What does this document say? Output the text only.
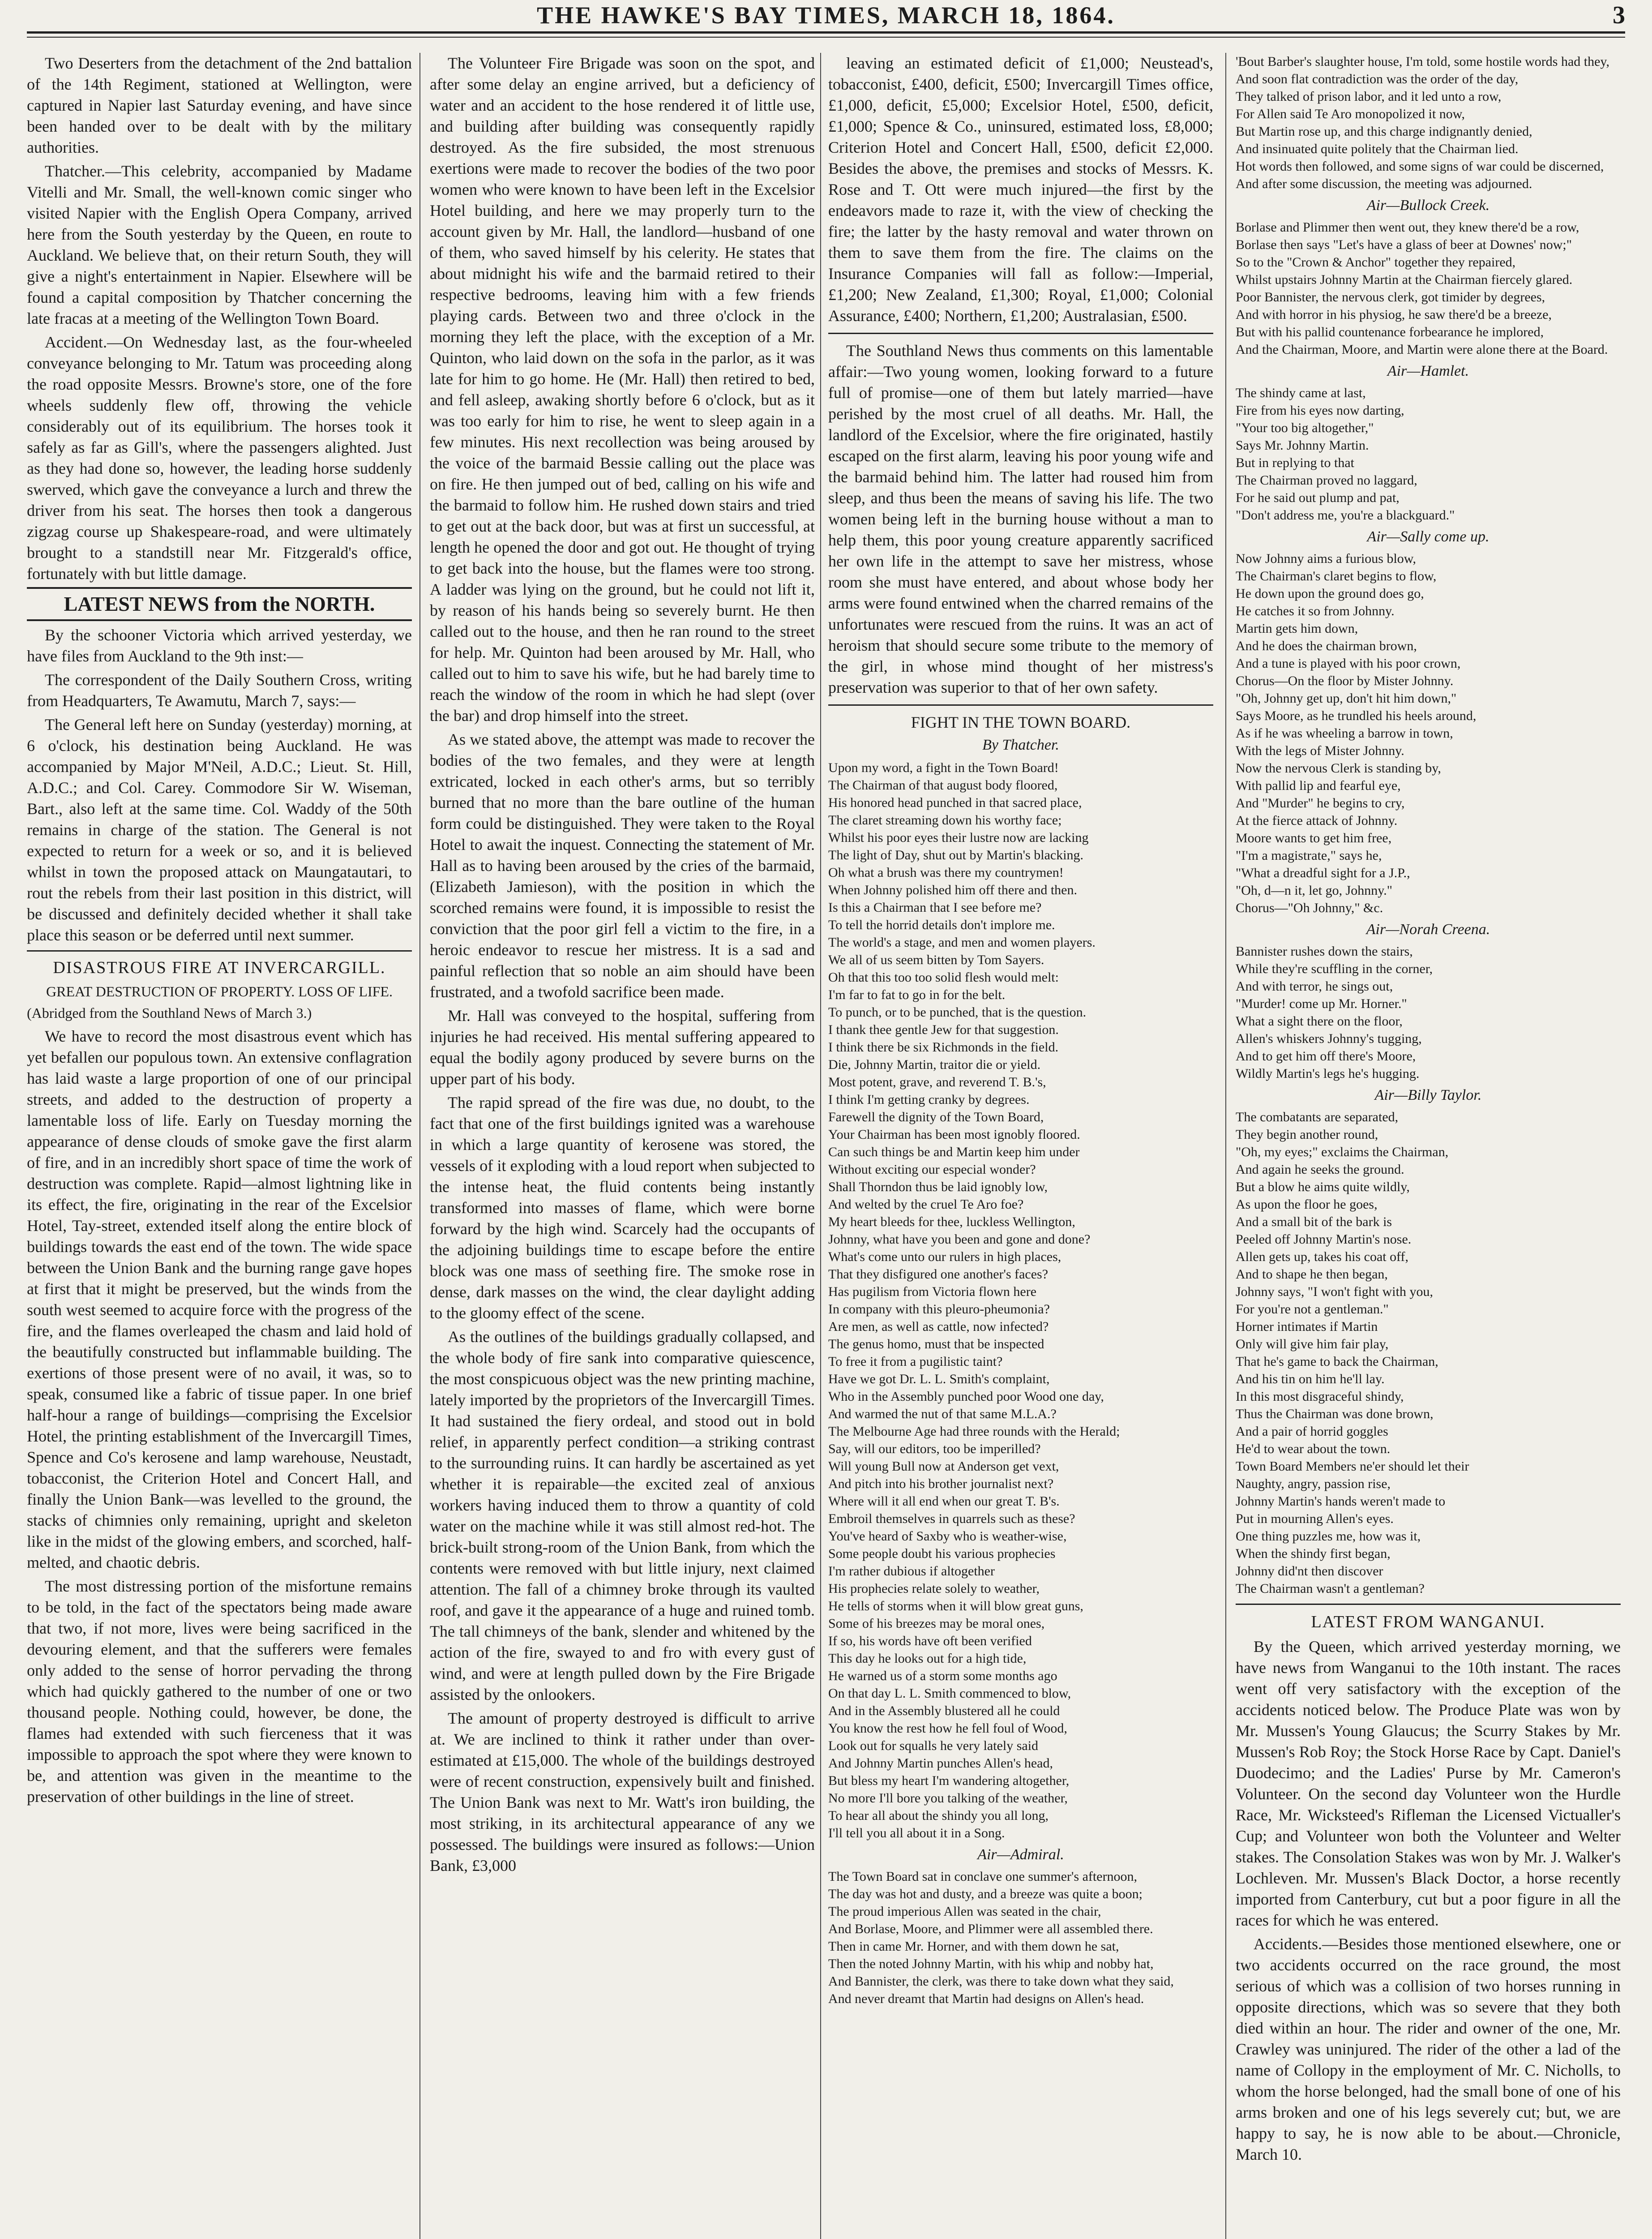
THE HAWKE'S BAY TIMES, MARCH 18, 1864.	3

Two Deserters from the detachment of the 2nd battalion of the 14th Regiment, stationed at Wellington, were captured in Napier last Saturday evening, and have since been handed over to be dealt with by the military authorities.

Thatcher.—This celebrity, accompanied by Madame Vitelli and Mr. Small, the well-known comic singer who visited Napier with the English Opera Company, arrived here from the South yesterday by the Queen, en route to Auckland. We believe that, on their return South, they will give a night's entertainment in Napier. Elsewhere will be found a capital composition by Thatcher concerning the late fracas at a meeting of the Wellington Town Board.

Accident.—On Wednesday last, as the four-wheeled conveyance belonging to Mr. Tatum was proceeding along the road opposite Messrs. Browne's store, one of the fore wheels suddenly flew off, throwing the vehicle considerably out of its equilibrium. The horses took it safely as far as Gill's, where the passengers alighted. Just as they had done so, however, the leading horse suddenly swerved, which gave the conveyance a lurch and threw the driver from his seat. The horses then took a dangerous zigzag course up Shakespeare-road, and were ultimately brought to a standstill near Mr. Fitzgerald's office, fortunately with but little damage.

LATEST NEWS from the NORTH.

By the schooner Victoria which arrived yesterday, we have files from Auckland to the 9th inst:—

The correspondent of the Daily Southern Cross, writing from Headquarters, Te Awamutu, March 7, says:—

The General left here on Sunday (yesterday) morning, at 6 o'clock, his destination being Auckland. He was accompanied by Major M'Neil, A.D.C.; Lieut. St. Hill, A.D.C.; and Col. Carey. Commodore Sir W. Wiseman, Bart., also left at the same time. Col. Waddy of the 50th remains in charge of the station. The General is not expected to return for a week or so, and it is believed whilst in town the proposed attack on Maungatautari, to rout the rebels from their last position in this district, will be discussed and definitely decided whether it shall take place this season or be deferred until next summer.

DISASTROUS FIRE AT INVERCARGILL.
GREAT DESTRUCTION OF PROPERTY. LOSS OF LIFE.
(Abridged from the Southland News of March 3.)

We have to record the most disastrous event which has yet befallen our populous town. An extensive conflagration has laid waste a large proportion of one of our principal streets, and added to the destruction of property a lamentable loss of life. Early on Tuesday morning the appearance of dense clouds of smoke gave the first alarm of fire, and in an incredibly short space of time the work of destruction was complete. Rapid—almost lightning like in its effect, the fire, originating in the rear of the Excelsior Hotel, Tay-street, extended itself along the entire block of buildings towards the east end of the town. The wide space between the Union Bank and the burning range gave hopes at first that it might be preserved, but the winds from the south west seemed to acquire force with the progress of the fire, and the flames overleaped the chasm and laid hold of the beautifully constructed but inflammable building. The exertions of those present were of no avail, it was, so to speak, consumed like a fabric of tissue paper. In one brief half-hour a range of buildings—comprising the Excelsior Hotel, the printing establishment of the Invercargill Times, Spence and Co's kerosene and lamp warehouse, Neustadt, tobacconist, the Criterion Hotel and Concert Hall, and finally the Union Bank—was levelled to the ground, the stacks of chimnies only remaining, upright and skeleton like in the midst of the glowing embers, and scorched, half-melted, and chaotic debris.

The most distressing portion of the misfortune remains to be told, in the fact of the spectators being made aware that two, if not more, lives were being sacrificed in the devouring element, and that the sufferers were females only added to the sense of horror pervading the throng which had quickly gathered to the number of one or two thousand people. Nothing could, however, be done, the flames had extended with such fierceness that it was impossible to approach the spot where they were known to be, and attention was given in the meantime to the preservation of other buildings in the line of street.

The Volunteer Fire Brigade was soon on the spot, and after some delay an engine arrived, but a deficiency of water and an accident to the hose rendered it of little use, and building after building was consequently rapidly destroyed. As the fire subsided, the most strenuous exertions were made to recover the bodies of the two poor women who were known to have been left in the Excelsior Hotel building, and here we may properly turn to the account given by Mr. Hall, the landlord—husband of one of them, who saved himself by his celerity. He states that about midnight his wife and the barmaid retired to their respective bedrooms, leaving him with a few friends playing cards. Between two and three o'clock in the morning they left the place, with the exception of a Mr. Quinton, who laid down on the sofa in the parlor, as it was late for him to go home. He (Mr. Hall) then retired to bed, and fell asleep, awaking shortly before 6 o'clock, but as it was too early for him to rise, he went to sleep again in a few minutes. His next recollection was being aroused by the voice of the barmaid Bessie calling out the place was on fire. He then jumped out of bed, calling on his wife and the barmaid to follow him. He rushed down stairs and tried to get out at the back door, but was at first un successful, at length he opened the door and got out. He thought of trying to get back into the house, but the flames were too strong. A ladder was lying on the ground, but he could not lift it, by reason of his hands being so severely burnt. He then called out to the house, and then he ran round to the street for help. Mr. Quinton had been aroused by Mr. Hall, who called out to him to save his wife, but he had barely time to reach the window of the room in which he had slept (over the bar) and drop himself into the street.

As we stated above, the attempt was made to recover the bodies of the two females, and they were at length extricated, locked in each other's arms, but so terribly burned that no more than the bare outline of the human form could be distinguished. They were taken to the Royal Hotel to await the inquest. Connecting the statement of Mr. Hall as to having been aroused by the cries of the barmaid, (Elizabeth Jamieson), with the position in which the scorched remains were found, it is impossible to resist the conviction that the poor girl fell a victim to the fire, in a heroic endeavor to rescue her mistress. It is a sad and painful reflection that so noble an aim should have been frustrated, and a twofold sacrifice been made.

Mr. Hall was conveyed to the hospital, suffering from injuries he had received. His mental suffering appeared to equal the bodily agony produced by severe burns on the upper part of his body.

The rapid spread of the fire was due, no doubt, to the fact that one of the first buildings ignited was a warehouse in which a large quantity of kerosene was stored, the vessels of it exploding with a loud report when subjected to the intense heat, the fluid contents being instantly transformed into masses of flame, which were borne forward by the high wind. Scarcely had the occupants of the adjoining buildings time to escape before the entire block was one mass of seething fire. The smoke rose in dense, dark masses on the wind, the clear daylight adding to the gloomy effect of the scene.

As the outlines of the buildings gradually collapsed, and the whole body of fire sank into comparative quiescence, the most conspicuous object was the new printing machine, lately imported by the proprietors of the Invercargill Times. It had sustained the fiery ordeal, and stood out in bold relief, in apparently perfect condition—a striking contrast to the surrounding ruins. It can hardly be ascertained as yet whether it is repairable—the excited zeal of anxious workers having induced them to throw a quantity of cold water on the machine while it was still almost red-hot. The brick-built strong-room of the Union Bank, from which the contents were removed with but little injury, next claimed attention. The fall of a chimney broke through its vaulted roof, and gave it the appearance of a huge and ruined tomb. The tall chimneys of the bank, slender and whitened by the action of the fire, swayed to and fro with every gust of wind, and were at length pulled down by the Fire Brigade assisted by the onlookers.

The amount of property destroyed is difficult to arrive at. We are inclined to think it rather under than over-estimated at £15,000. The whole of the buildings destroyed were of recent construction, expensively built and finished. The Union Bank was next to Mr. Watt's iron building, the most striking, in its architectural appearance of any we possessed. The buildings were insured as follows:—Union Bank, £3,000

leaving an estimated deficit of £1,000; Neustead's, tobacconist, £400, deficit, £500; Invercargill Times office, £1,000, deficit, £5,000; Excelsior Hotel, £500, deficit, £1,000; Spence & Co., uninsured, estimated loss, £8,000; Criterion Hotel and Concert Hall, £500, deficit £2,000. Besides the above, the premises and stocks of Messrs. K. Rose and T. Ott were much injured—the first by the endeavors made to raze it, with the view of checking the fire; the latter by the hasty removal and water thrown on them to save them from the fire. The claims on the Insurance Companies will fall as follow:—Imperial, £1,200; New Zealand, £1,300; Royal, £1,000; Colonial Assurance, £400; Northern, £1,200; Australasian, £500.

The Southland News thus comments on this lamentable affair:—Two young women, looking forward to a future full of promise—one of them but lately married—have perished by the most cruel of all deaths. Mr. Hall, the landlord of the Excelsior, where the fire originated, hastily escaped on the first alarm, leaving his poor young wife and the barmaid behind him. The latter had roused him from sleep, and thus been the means of saving his life. The two women being left in the burning house without a man to help them, this poor young creature apparently sacrificed her own life in the attempt to save her mistress, whose room she must have entered, and about whose body her arms were found entwined when the charred remains of the unfortunates were rescued from the ruins. It was an act of heroism that should secure some tribute to the memory of the girl, in whose mind thought of her mistress's preservation was superior to that of her own safety.

FIGHT IN THE TOWN BOARD.
By Thatcher.
Upon my word, a fight in the Town Board!
The Chairman of that august body floored,
His honored head punched in that sacred place,
The claret streaming down his worthy face;
Whilst his poor eyes their lustre now are lacking
The light of Day, shut out by Martin's blacking.
Oh what a brush was there my countrymen!
When Johnny polished him off there and then.
Is this a Chairman that I see before me?
To tell the horrid details don't implore me.
The world's a stage, and men and women players.
We all of us seem bitten by Tom Sayers.
Oh that this too too solid flesh would melt:
I'm far to fat to go in for the belt.
To punch, or to be punched, that is the question.
I thank thee gentle Jew for that suggestion.
I think there be six Richmonds in the field.
Die, Johnny Martin, traitor die or yield.
Most potent, grave, and reverend T. B.'s,
I think I'm getting cranky by degrees.
Farewell the dignity of the Town Board,
Your Chairman has been most ignobly floored.
Can such things be and Martin keep him under
Without exciting our especial wonder?
Shall Thorndon thus be laid ignobly low,
And welted by the cruel Te Aro foe?
My heart bleeds for thee, luckless Wellington,
Johnny, what have you been and gone and done?
What's come unto our rulers in high places,
That they disfigured one another's faces?
Has pugilism from Victoria flown here
In company with this pleuro-pheumonia?
Are men, as well as cattle, now infected?
The genus homo, must that be inspected
To free it from a pugilistic taint?
Have we got Dr. L. L. Smith's complaint,
Who in the Assembly punched poor Wood one day,
And warmed the nut of that same M.L.A.?
The Melbourne Age had three rounds with the Herald;
Say, will our editors, too be imperilled?
Will young Bull now at Anderson get vext,
And pitch into his brother journalist next?
Where will it all end when our great T. B's.
Embroil themselves in quarrels such as these?
You've heard of Saxby who is weather-wise,
Some people doubt his various prophecies
I'm rather dubious if altogether
His prophecies relate solely to weather,
He tells of storms when it will blow great guns,
Some of his breezes may be moral ones,
If so, his words have oft been verified
This day he looks out for a high tide,
He warned us of a storm some months ago
On that day L. L. Smith commenced to blow,
And in the Assembly blustered all he could
You know the rest how he fell foul of Wood,
Look out for squalls he very lately said
And Johnny Martin punches Allen's head,
But bless my heart I'm wandering altogether,
No more I'll bore you talking of the weather,
To hear all about the shindy you all long,
I'll tell you all about it in a Song.
Air—Admiral.
The Town Board sat in conclave one summer's afternoon,
The day was hot and dusty, and a breeze was quite a boon;
The proud imperious Allen was seated in the chair,
And Borlase, Moore, and Plimmer were all assembled there.
Then in came Mr. Horner, and with them down he sat,
Then the noted Johnny Martin, with his whip and nobby hat,
And Bannister, the clerk, was there to take down what they said,
And never dreamt that Martin had designs on Allen's head.
'Bout Barber's slaughter house, I'm told, some hostile words had they,
And soon flat contradiction was the order of the day,
They talked of prison labor, and it led unto a row,
For Allen said Te Aro monopolized it now,
But Martin rose up, and this charge indignantly denied,
And insinuated quite politely that the Chairman lied.
Hot words then followed, and some signs of war could be discerned,
And after some discussion, the meeting was adjourned.
Air—Bullock Creek.
Borlase and Plimmer then went out, they knew there'd be a row,
Borlase then says "Let's have a glass of beer at Downes' now;"
So to the "Crown & Anchor" together they repaired,
Whilst upstairs Johnny Martin at the Chairman fiercely glared.
Poor Bannister, the nervous clerk, got timider by degrees,
And with horror in his physiog, he saw there'd be a breeze,
But with his pallid countenance forbearance he implored,
And the Chairman, Moore, and Martin were alone there at the Board.
Air—Hamlet.
The shindy came at last,
Fire from his eyes now darting,
"Your too big altogether,"
Says Mr. Johnny Martin.
But in replying to that
The Chairman proved no laggard,
For he said out plump and pat,
"Don't address me, you're a blackguard."
Air—Sally come up.
Now Johnny aims a furious blow,
The Chairman's claret begins to flow,
He down upon the ground does go,
He catches it so from Johnny.
Martin gets him down,
And he does the chairman brown,
And a tune is played with his poor crown,
Chorus—On the floor by Mister Johnny.
"Oh, Johnny get up, don't hit him down,"
Says Moore, as he trundled his heels around,
As if he was wheeling a barrow in town,
With the legs of Mister Johnny.
Now the nervous Clerk is standing by,
With pallid lip and fearful eye,
And "Murder" he begins to cry,
At the fierce attack of Johnny.
Moore wants to get him free,
"I'm a magistrate," says he,
"What a dreadful sight for a J.P.,
"Oh, d—n it, let go, Johnny."
Chorus—"Oh Johnny," &c.
Air—Norah Creena.
Bannister rushes down the stairs,
While they're scuffling in the corner,
And with terror, he sings out,
"Murder! come up Mr. Horner."
What a sight there on the floor,
Allen's whiskers Johnny's tugging,
And to get him off there's Moore,
Wildly Martin's legs he's hugging.
Air—Billy Taylor.
The combatants are separated,
They begin another round,
"Oh, my eyes;" exclaims the Chairman,
And again he seeks the ground.
But a blow he aims quite wildly,
As upon the floor he goes,
And a small bit of the bark is
Peeled off Johnny Martin's nose.
Allen gets up, takes his coat off,
And to shape he then began,
Johnny says, "I won't fight with you,
For you're not a gentleman."
Horner intimates if Martin
Only will give him fair play,
That he's game to back the Chairman,
And his tin on him he'll lay.
In this most disgraceful shindy,
Thus the Chairman was done brown,
And a pair of horrid goggles
He'd to wear about the town.
Town Board Members ne'er should let their
Naughty, angry, passion rise,
Johnny Martin's hands weren't made to
Put in mourning Allen's eyes.
One thing puzzles me, how was it,
When the shindy first began,
Johnny did'nt then discover
The Chairman wasn't a gentleman?
LATEST FROM WANGANUI.

By the Queen, which arrived yesterday morning, we have news from Wanganui to the 10th instant. The races went off very satisfactory with the exception of the accidents noticed below. The Produce Plate was won by Mr. Mussen's Young Glaucus; the Scurry Stakes by Mr. Mussen's Rob Roy; the Stock Horse Race by Capt. Daniel's Duodecimo; and the Ladies' Purse by Mr. Cameron's Volunteer. On the second day Volunteer won the Hurdle Race, Mr. Wicksteed's Rifleman the Licensed Victualler's Cup; and Volunteer won both the Volunteer and Welter stakes. The Consolation Stakes was won by Mr. J. Walker's Lochleven. Mr. Mussen's Black Doctor, a horse recently imported from Canterbury, cut but a poor figure in all the races for which he was entered.

Accidents.—Besides those mentioned elsewhere, one or two accidents occurred on the race ground, the most serious of which was a collision of two horses running in opposite directions, which was so severe that they both died within an hour. The rider and owner of the one, Mr. Crawley was uninjured. The rider of the other a lad of the name of Collopy in the employment of Mr. C. Nicholls, to whom the horse belonged, had the small bone of one of his arms broken and one of his legs severely cut; but, we are happy to say, he is now able to be about.—Chronicle, March 10.
